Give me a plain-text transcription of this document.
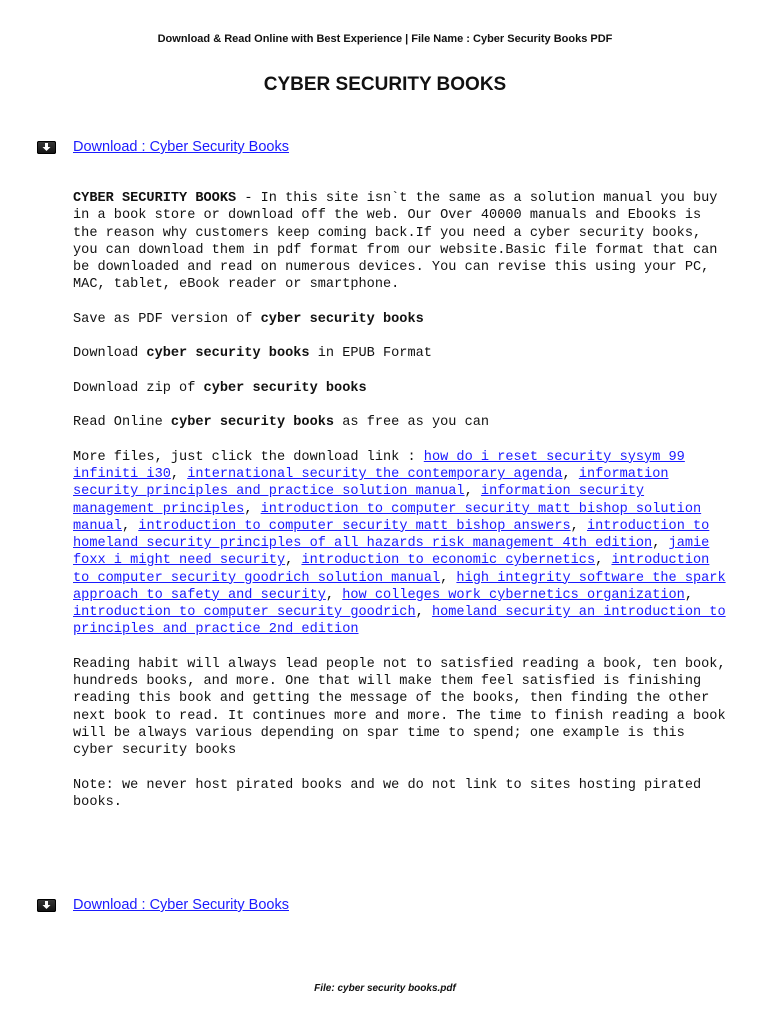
Download & Read Online with Best Experience | File Name : Cyber Security Books PDF
CYBER SECURITY BOOKS
Download : Cyber Security Books

CYBER SECURITY BOOKS - In this site isn`t the same as a solution manual you buy in a book store or download off the web. Our Over 40000 manuals and Ebooks is the reason why customers keep coming back.If you need a cyber security books, you can download them in pdf format from our website.Basic file format that can be downloaded and read on numerous devices. You can revise this using your PC, MAC, tablet, eBook reader or smartphone.

Save as PDF version of cyber security books

Download cyber security books in EPUB Format

Download zip of cyber security books

Read Online cyber security books as free as you can

More files, just click the download link : how do i reset security sysym 99 infiniti i30, international security the contemporary agenda, information security principles and practice solution manual, information security management principles, introduction to computer security matt bishop solution manual, introduction to computer security matt bishop answers, introduction to homeland security principles of all hazards risk management 4th edition, jamie foxx i might need security, introduction to economic cybernetics, introduction to computer security goodrich solution manual, high integrity software the spark approach to safety and security, how colleges work cybernetics organization, introduction to computer security goodrich, homeland security an introduction to principles and practice 2nd edition

Reading habit will always lead people not to satisfied reading a book, ten book, hundreds books, and more. One that will make them feel satisfied is finishing reading this book and getting the message of the books, then finding the other next book to read. It continues more and more. The time to finish reading a book will be always various depending on spar time to spend; one example is this cyber security books

Note: we never host pirated books and we do not link to sites hosting pirated books.

Download : Cyber Security Books
File: cyber security books.pdf
